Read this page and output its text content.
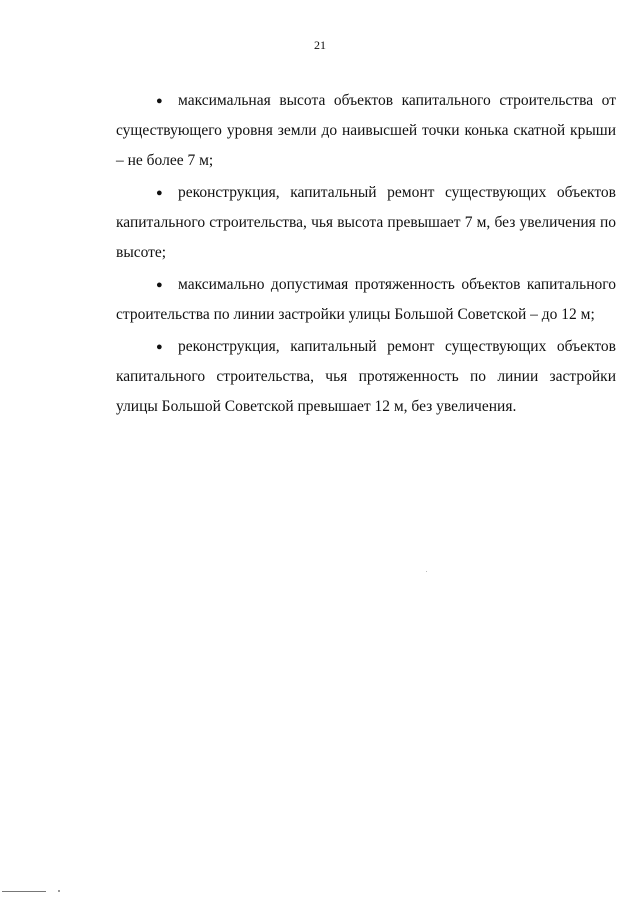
21

● максимальная высота объектов капитального строительства от существующего уровня земли до наивысшей точки конька скатной крыши – не более 7 м;

● реконструкция, капитальный ремонт существующих объектов капитального строительства, чья высота превышает 7 м, без увеличения по высоте;

● максимально допустимая протяженность объектов капитального строительства по линии застройки улицы Большой Советской – до 12 м;

● реконструкция, капитальный ремонт существующих объектов капитального строительства, чья протяженность по линии застройки улицы Большой Советской превышает 12 м, без увеличения.
